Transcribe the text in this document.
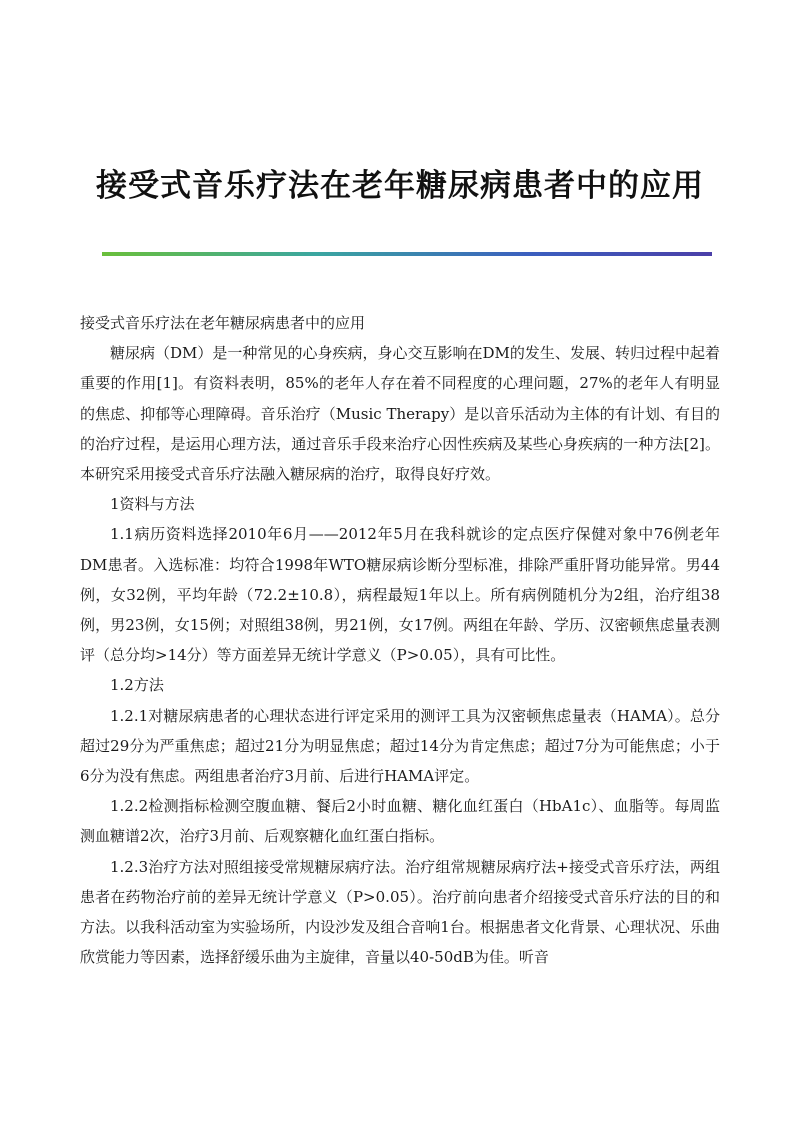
接受式音乐疗法在老年糖尿病患者中的应用

接受式音乐疗法在老年糖尿病患者中的应用

糖尿病（DM）是一种常见的心身疾病，身心交互影响在DM的发生、发展、转归过程中起着重要的作用[1]。有资料表明，85%的老年人存在着不同程度的心理问题，27%的老年人有明显的焦虑、抑郁等心理障碍。音乐治疗（Music Therapy）是以音乐活动为主体的有计划、有目的的治疗过程，是运用心理方法，通过音乐手段来治疗心因性疾病及某些心身疾病的一种方法[2]。本研究采用接受式音乐疗法融入糖尿病的治疗，取得良好疗效。

1资料与方法

1.1病历资料选择2010年6月——2012年5月在我科就诊的定点医疗保健对象中76例老年DM患者。入选标准：均符合1998年WTO糖尿病诊断分型标准，排除严重肝肾功能异常。男44例，女32例，平均年龄（72.2±10.8），病程最短1年以上。所有病例随机分为2组，治疗组38例，男23例，女15例；对照组38例，男21例，女17例。两组在年龄、学历、汉密顿焦虑量表测评（总分均>14分）等方面差异无统计学意义（P>0.05），具有可比性。

1.2方法

1.2.1对糖尿病患者的心理状态进行评定采用的测评工具为汉密顿焦虑量表（HAMA）。总分超过29分为严重焦虑；超过21分为明显焦虑；超过14分为肯定焦虑；超过7分为可能焦虑；小于6分为没有焦虑。两组患者治疗3月前、后进行HAMA评定。

1.2.2检测指标检测空腹血糖、餐后2小时血糖、糖化血红蛋白（HbA1c）、血脂等。每周监测血糖谱2次，治疗3月前、后观察糖化血红蛋白指标。

1.2.3治疗方法对照组接受常规糖尿病疗法。治疗组常规糖尿病疗法+接受式音乐疗法，两组患者在药物治疗前的差异无统计学意义（P>0.05）。治疗前向患者介绍接受式音乐疗法的目的和方法。以我科活动室为实验场所，内设沙发及组合音响1台。根据患者文化背景、心理状况、乐曲欣赏能力等因素，选择舒缓乐曲为主旋律，音量以40-50dB为佳。听音
